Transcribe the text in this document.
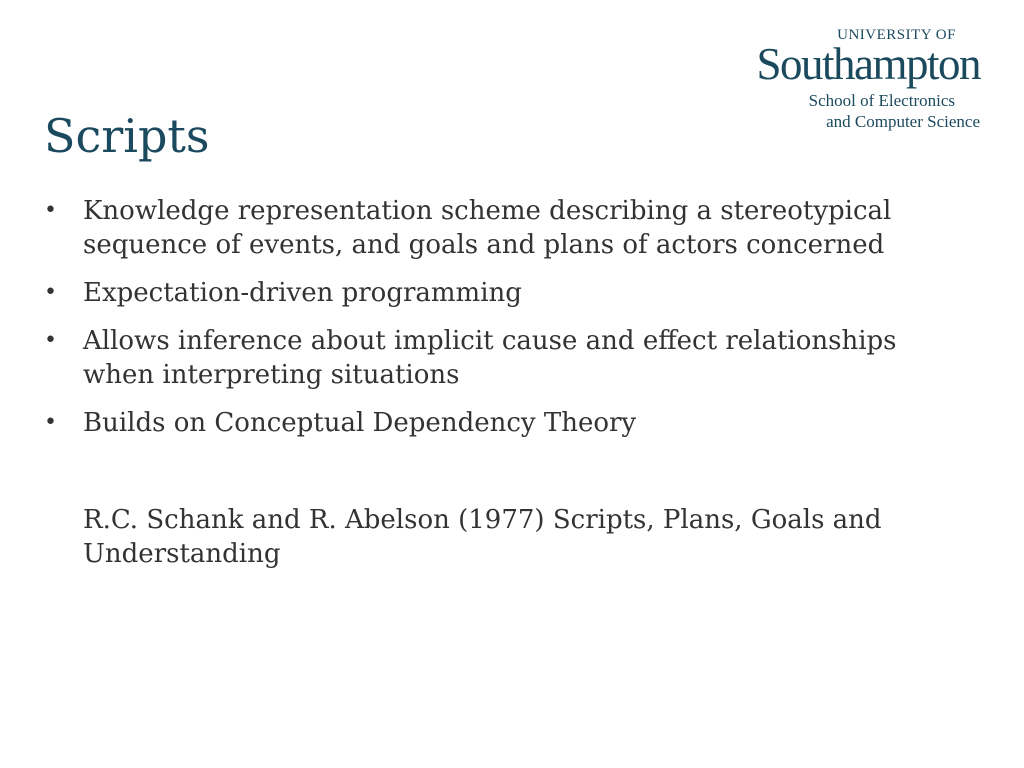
UNIVERSITY OF
Southampton
School of Electronics
and Computer Science
Scripts
• Knowledge representation scheme describing a stereotypical sequence of events, and goals and plans of actors concerned
• Expectation-driven programming
• Allows inference about implicit cause and effect relationships when interpreting situations
• Builds on Conceptual Dependency Theory
R.C. Schank and R. Abelson (1977) Scripts, Plans, Goals and Understanding
